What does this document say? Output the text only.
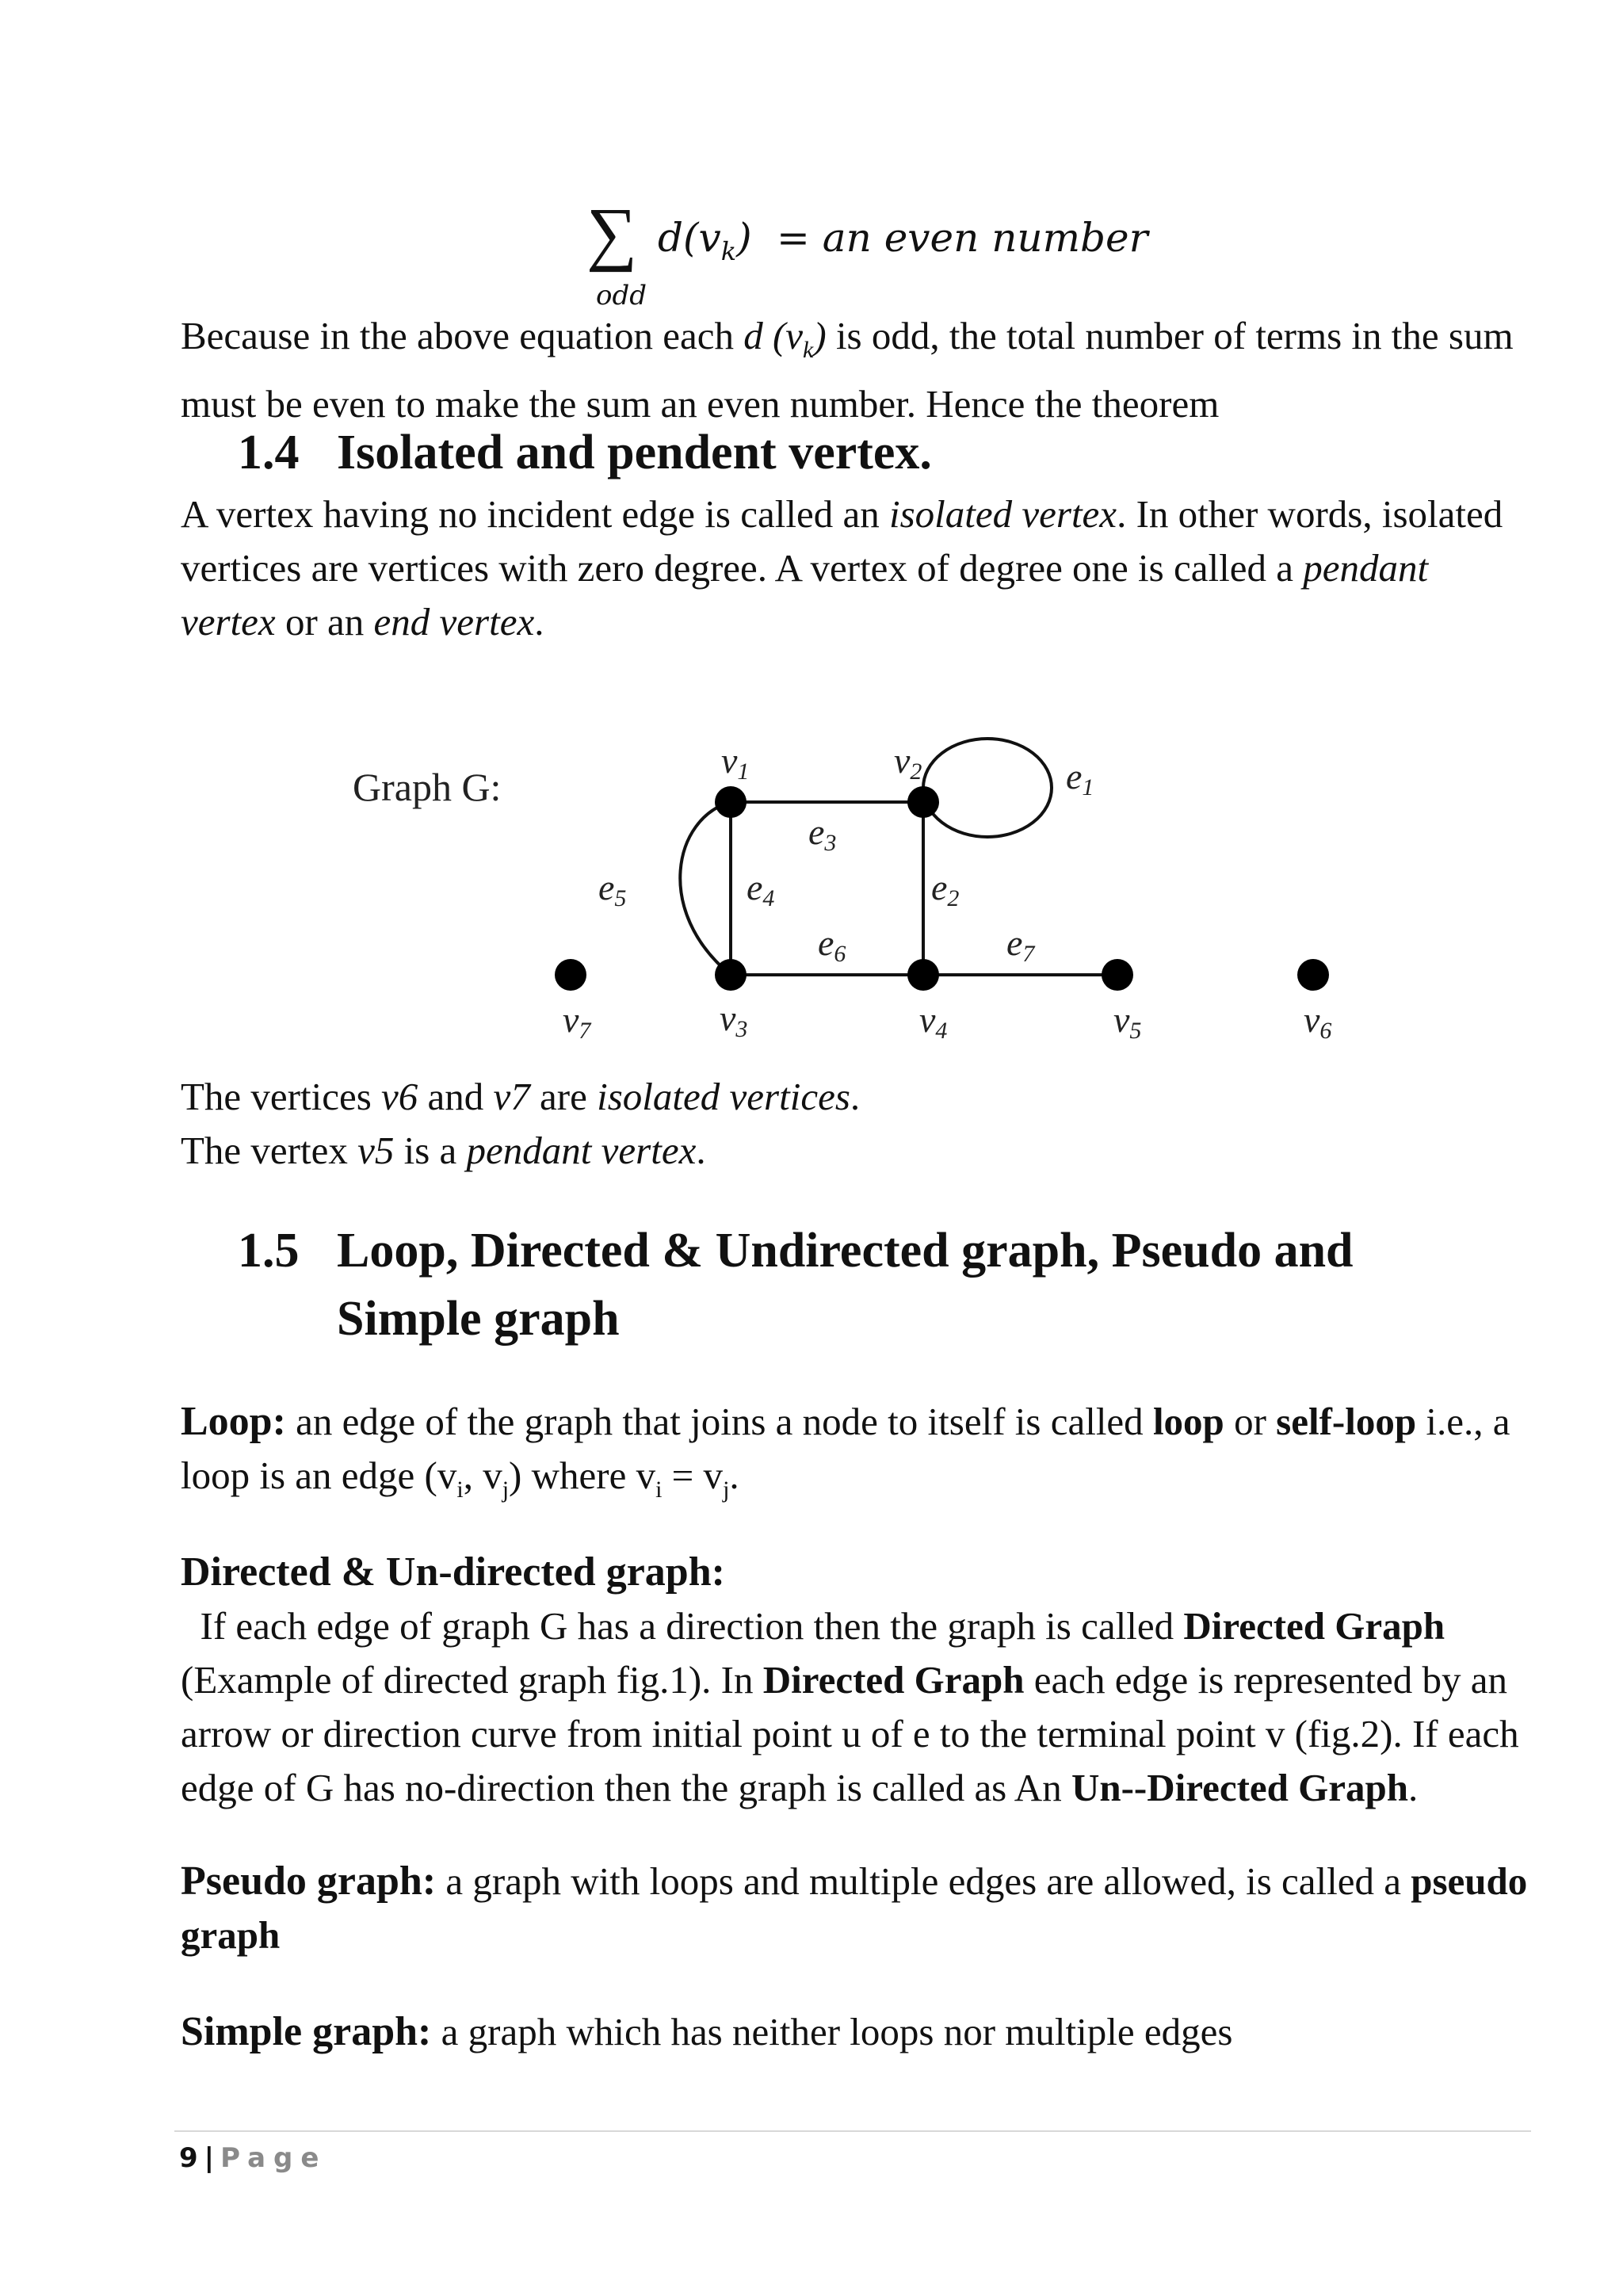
∑ $d(v_k)$ = an even number
odd

Because in the above equation each d $(v_k)$ is odd, the total number of terms in the sum must be even to make the sum an even number. Hence the theorem

1.4 Isolated and pendent vertex.

A vertex having no incident edge is called an isolated vertex. In other words, isolated vertices are vertices with zero degree. A vertex of degree one is called a pendant vertex or an end vertex.

Graph G:
v1	v2
v3	v4	v5	v6
v7
e1
e2
e3
e4
e5
e6	e7

The vertices v6 and v7 are isolated vertices.

The vertex v5 is a pendant vertex.

1.5 Loop, Directed & Undirected graph, Pseudo and Simple graph

Loop: an edge of the graph that joins a node to itself is called loop or self-loop i.e., a loop is an edge ($v_i$, $v_j$) where $v_i = v_j$.

Directed & Un-directed graph:  If each edge of graph G has a direction then the graph is called Directed Graph (Example of directed graph fig.1). In Directed Graph each edge is represented by an arrow or direction curve from initial point u of e to the terminal point v (fig.2). If each edge of G has no-direction then the graph is called as An Un--Directed Graph.

Pseudo graph: a graph with loops and multiple edges are allowed, is called a pseudo graph

Simple graph: a graph which has neither loops nor multiple edges

9 | Page
